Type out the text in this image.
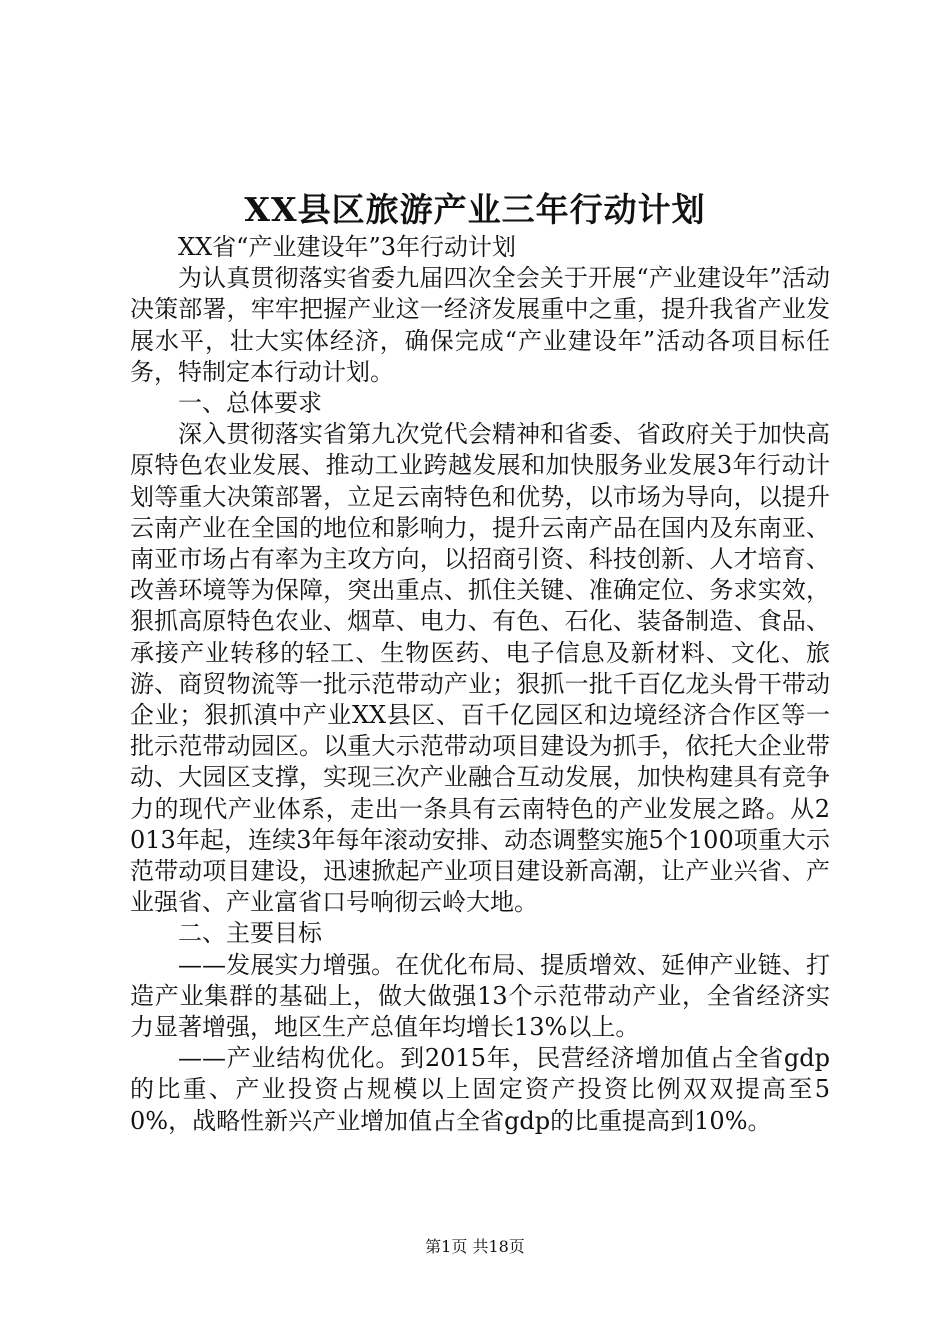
XX县区旅游产业三年行动计划

XX省“产业建设年”3年行动计划

为认真贯彻落实省委九届四次全会关于开展“产业建设年”活动决策部署，牢牢把握产业这一经济发展重中之重，提升我省产业发展水平，壮大实体经济，确保完成“产业建设年”活动各项目标任务，特制定本行动计划。

一、总体要求

深入贯彻落实省第九次党代会精神和省委、省政府关于加快高原特色农业发展、推动工业跨越发展和加快服务业发展3年行动计划等重大决策部署，立足云南特色和优势，以市场为导向，以提升云南产业在全国的地位和影响力，提升云南产品在国内及东南亚、南亚市场占有率为主攻方向，以招商引资、科技创新、人才培育、改善环境等为保障，突出重点、抓住关键、准确定位、务求实效，狠抓高原特色农业、烟草、电力、有色、石化、装备制造、食品、承接产业转移的轻工、生物医药、电子信息及新材料、文化、旅游、商贸物流等一批示范带动产业；狠抓一批千百亿龙头骨干带动企业；狠抓滇中产业XX县区、百千亿园区和边境经济合作区等一批示范带动园区。以重大示范带动项目建设为抓手，依托大企业带动、大园区支撑，实现三次产业融合互动发展，加快构建具有竞争力的现代产业体系，走出一条具有云南特色的产业发展之路。从2013年起，连续3年每年滚动安排、动态调整实施5个100项重大示范带动项目建设，迅速掀起产业项目建设新高潮，让产业兴省、产业强省、产业富省口号响彻云岭大地。

二、主要目标

——发展实力增强。在优化布局、提质增效、延伸产业链、打造产业集群的基础上，做大做强13个示范带动产业，全省经济实力显著增强，地区生产总值年均增长13%以上。

——产业结构优化。到2015年，民营经济增加值占全省gdp的比重、产业投资占规模以上固定资产投资比例双双提高至50%，战略性新兴产业增加值占全省gdp的比重提高到10%。

第1页 共18页
